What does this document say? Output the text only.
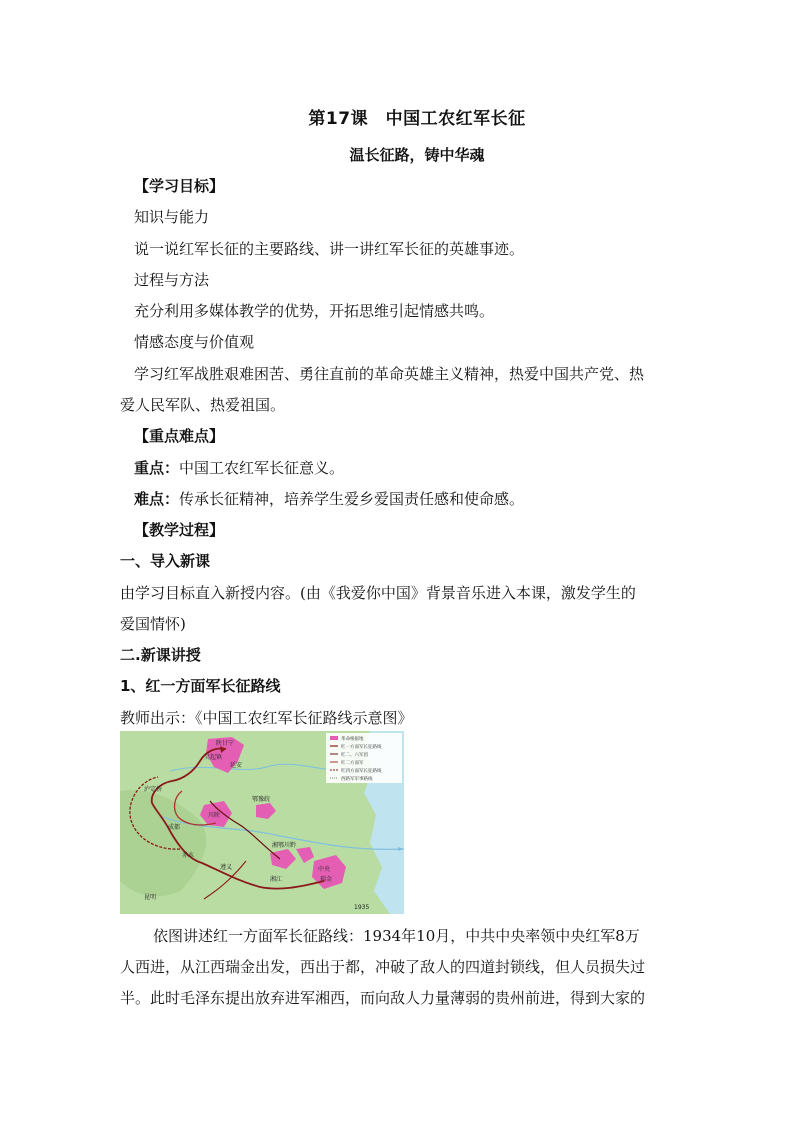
第17课　中国工农红军长征
温长征路，铸中华魂
【学习目标】
知识与能力
说一说红军长征的主要路线、讲一讲红军长征的英雄事迹。
过程与方法
充分利用多媒体教学的优势，开拓思维引起情感共鸣。
情感态度与价值观
学习红军战胜艰难困苦、勇往直前的革命英雄主义精神，热爱中国共产党、热
爱人民军队、热爱祖国。
【重点难点】
重点：中国工农红军长征意义。
难点：传承长征精神，培养学生爱乡爱国责任感和使命感。
【教学过程】
一、导入新课
由学习目标直入新授内容。(由《我爱你中国》背景音乐进入本课，激发学生的
爱国情怀)
二.新课讲授
1、红一方面军长征路线
教师出示：《中国工农红军长征路线示意图》
陕甘宁
吴起镇
延安
鄂豫皖
川陕
成都
湘鄂川黔
中央
瑞金
遵义
昆明
湘江
赤水
泸定桥
1935
革命根据地
红一方面军长征路线
红二、六军团
红二方面军
红四方面军长征路线
西路军军事路线
依图讲述红一方面军长征路线：1934年10月，中共中央率领中央红军8万
人西进，从江西瑞金出发，西出于都，冲破了敌人的四道封锁线，但人员损失过
半。此时毛泽东提出放弃进军湘西，而向敌人力量薄弱的贵州前进，得到大家的
